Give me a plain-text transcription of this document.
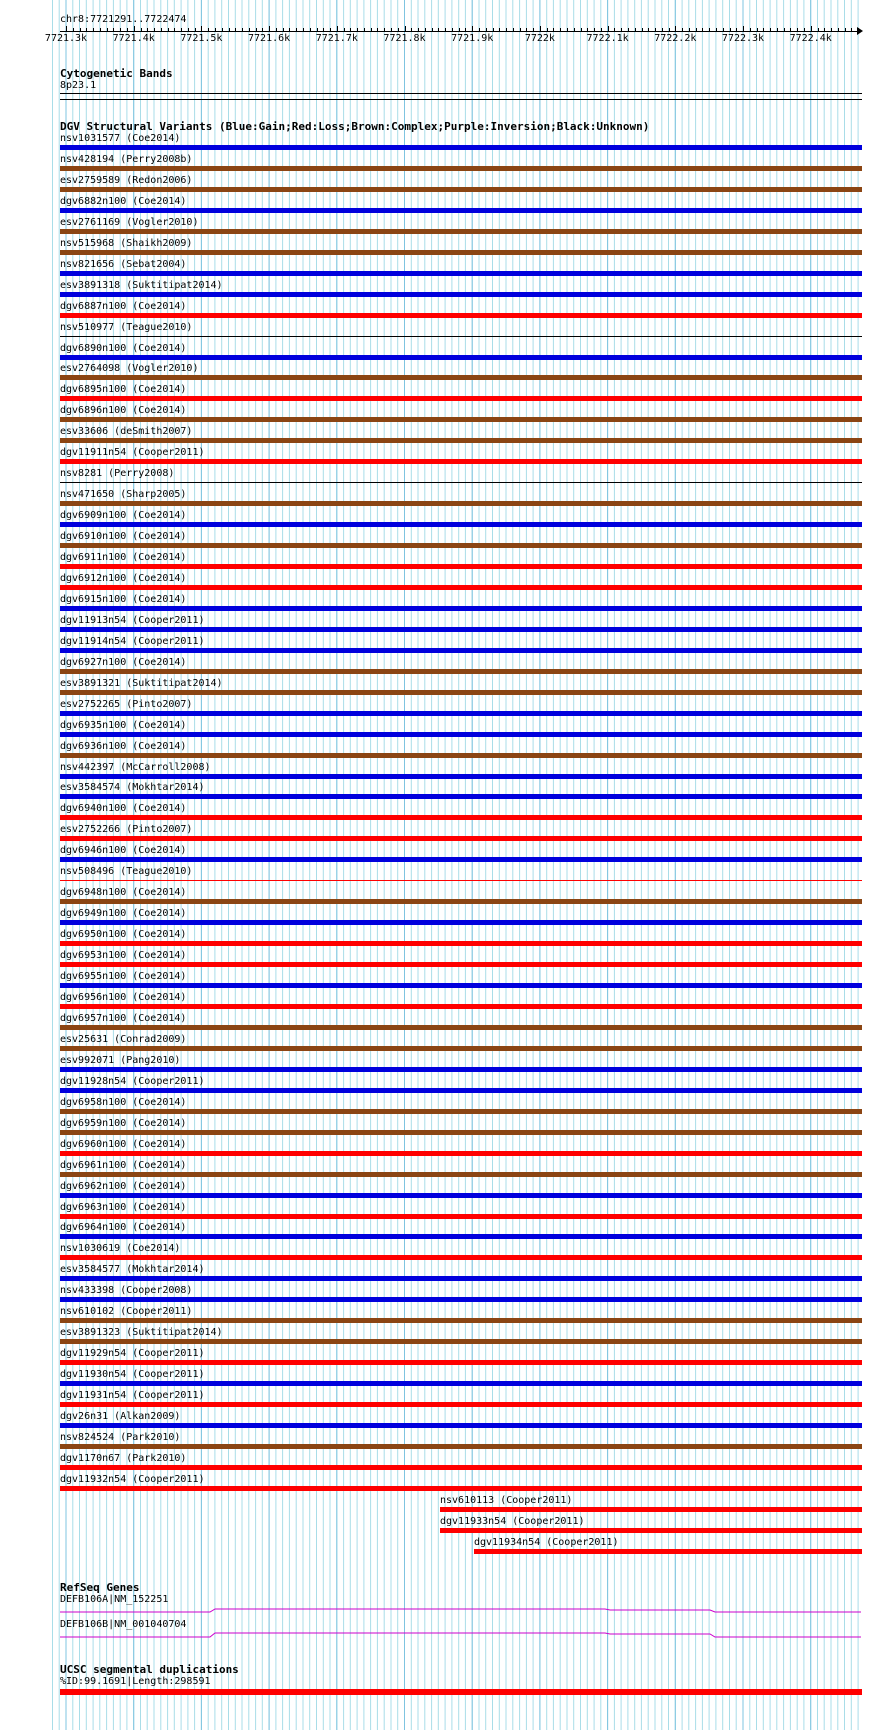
chr8:7721291..7722474
7721.3k	7721.4k	7721.5k	7721.6k	7721.7k	7721.8k	7721.9k	7722k	7722.1k	7722.2k	7722.3k	7722.4k
Cytogenetic Bands
8p23.1
DGV Structural Variants (Blue:Gain;Red:Loss;Brown:Complex;Purple:Inversion;Black:Unknown)
nsv1031577 (Coe2014)
nsv428194 (Perry2008b)
esv2759589 (Redon2006)
dgv6882n100 (Coe2014)
esv2761169 (Vogler2010)
nsv515968 (Shaikh2009)
nsv821656 (Sebat2004)
esv3891318 (Suktitipat2014)
dgv6887n100 (Coe2014)
nsv510977 (Teague2010)
dgv6890n100 (Coe2014)
esv2764098 (Vogler2010)
dgv6895n100 (Coe2014)
dgv6896n100 (Coe2014)
esv33606 (deSmith2007)
dgv11911n54 (Cooper2011)
nsv8281 (Perry2008)
nsv471650 (Sharp2005)
dgv6909n100 (Coe2014)
dgv6910n100 (Coe2014)
dgv6911n100 (Coe2014)
dgv6912n100 (Coe2014)
dgv6915n100 (Coe2014)
dgv11913n54 (Cooper2011)
dgv11914n54 (Cooper2011)
dgv6927n100 (Coe2014)
esv3891321 (Suktitipat2014)
esv2752265 (Pinto2007)
dgv6935n100 (Coe2014)
dgv6936n100 (Coe2014)
nsv442397 (McCarroll2008)
esv3584574 (Mokhtar2014)
dgv6940n100 (Coe2014)
esv2752266 (Pinto2007)
dgv6946n100 (Coe2014)
nsv508496 (Teague2010)
dgv6948n100 (Coe2014)
dgv6949n100 (Coe2014)
dgv6950n100 (Coe2014)
dgv6953n100 (Coe2014)
dgv6955n100 (Coe2014)
dgv6956n100 (Coe2014)
dgv6957n100 (Coe2014)
esv25631 (Conrad2009)
esv992071 (Pang2010)
dgv11928n54 (Cooper2011)
dgv6958n100 (Coe2014)
dgv6959n100 (Coe2014)
dgv6960n100 (Coe2014)
dgv6961n100 (Coe2014)
dgv6962n100 (Coe2014)
dgv6963n100 (Coe2014)
dgv6964n100 (Coe2014)
nsv1030619 (Coe2014)
esv3584577 (Mokhtar2014)
nsv433398 (Cooper2008)
nsv610102 (Cooper2011)
esv3891323 (Suktitipat2014)
dgv11929n54 (Cooper2011)
dgv11930n54 (Cooper2011)
dgv11931n54 (Cooper2011)
dgv26n31 (Alkan2009)
nsv824524 (Park2010)
dgv1170n67 (Park2010)
dgv11932n54 (Cooper2011)
nsv610113 (Cooper2011)
dgv11933n54 (Cooper2011)
dgv11934n54 (Cooper2011)
RefSeq Genes
DEFB106A|NM_152251
DEFB106B|NM_001040704
UCSC segmental duplications
%ID:99.1691|Length:298591
